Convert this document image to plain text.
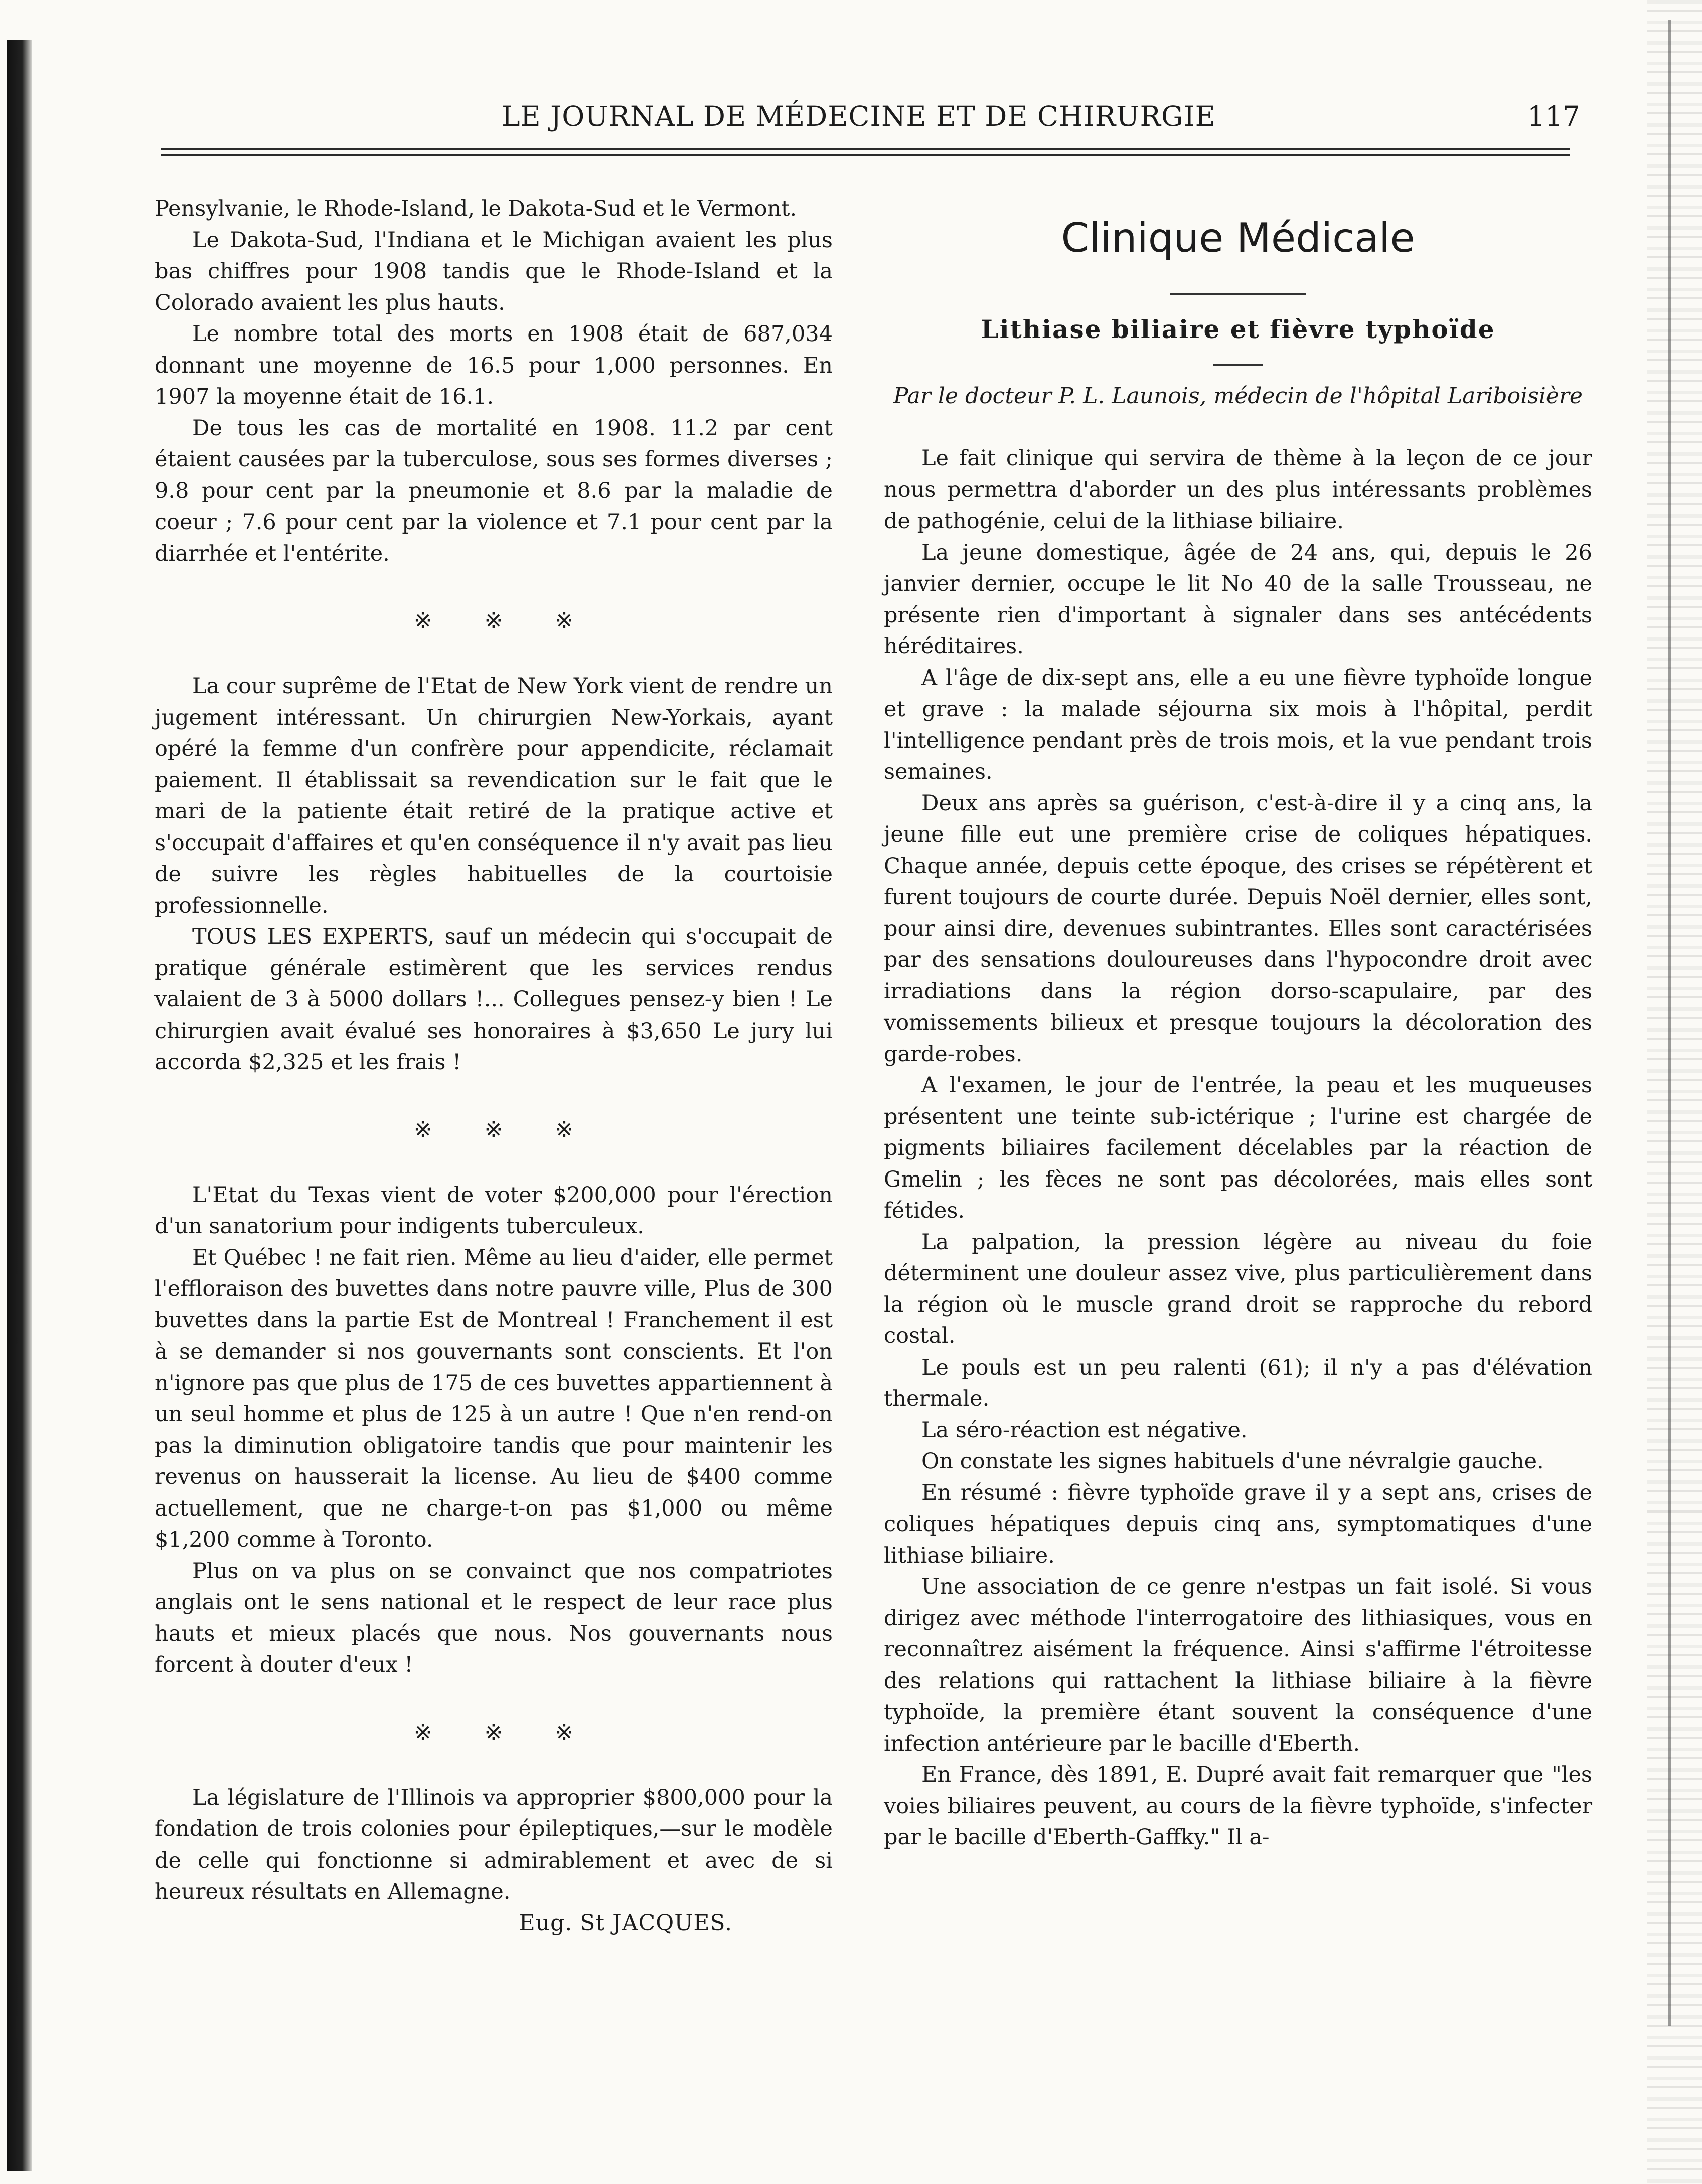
LE JOURNAL DE MÉDECINE ET DE CHIRURGIE	117

Pensylvanie, le Rhode-Island, le Dakota-Sud et le Vermont.

Le Dakota-Sud, l'Indiana et le Michigan avaient les plus bas chiffres pour 1908 tandis que le Rhode-Island et la Colorado avaient les plus hauts.

Le nombre total des morts en 1908 était de 687,034 donnant une moyenne de 16.5 pour 1,000 personnes. En 1907 la moyenne était de 16.1.

De tous les cas de mortalité en 1908. 11.2 par cent étaient causées par la tuberculose, sous ses formes diverses ; 9.8 pour cent par la pneumonie et 8.6 par la maladie de coeur ; 7.6 pour cent par la violence et 7.1 pour cent par la diarrhée et l'entérite.

※ ※ ※

La cour suprême de l'Etat de New York vient de rendre un jugement intéressant. Un chirurgien New-Yorkais, ayant opéré la femme d'un confrère pour appendicite, réclamait paiement. Il établissait sa revendication sur le fait que le mari de la patiente était retiré de la pratique active et s'occupait d'affaires et qu'en conséquence il n'y avait pas lieu de suivre les règles habituelles de la courtoisie professionnelle.

TOUS LES EXPERTS, sauf un médecin qui s'occupait de pratique générale estimèrent que les services rendus valaient de 3 à 5000 dollars !... Collegues pensez-y bien ! Le chirurgien avait évalué ses honoraires à $3,650 Le jury lui accorda $2,325 et les frais !

※ ※ ※

L'Etat du Texas vient de voter $200,000 pour l'érection d'un sanatorium pour indigents tuberculeux.

Et Québec ! ne fait rien. Même au lieu d'aider, elle permet l'effloraison des buvettes dans notre pauvre ville, Plus de 300 buvettes dans la partie Est de Montreal ! Franchement il est à se demander si nos gouvernants sont conscients. Et l'on n'ignore pas que plus de 175 de ces buvettes appartiennent à un seul homme et plus de 125 à un autre ! Que n'en rend-on pas la diminution obligatoire tandis que pour maintenir les revenus on hausserait la license. Au lieu de $400 comme actuellement, que ne charge-t-on pas $1,000 ou même $1,200 comme à Toronto.

Plus on va plus on se convainct que nos compatriotes anglais ont le sens national et le respect de leur race plus hauts et mieux placés que nous. Nos gouvernants nous forcent à douter d'eux !

※ ※ ※

La législature de l'Illinois va approprier $800,000 pour la fondation de trois colonies pour épileptiques,—sur le modèle de celle qui fonctionne si admirablement et avec de si heureux résultats en Allemagne.

Eug. St JACQUES.
Clinique Médicale
Lithiase biliaire et fièvre typhoïde
Par le docteur P. L. Launois, médecin de l'hôpital Lariboisière

Le fait clinique qui servira de thème à la leçon de ce jour nous permettra d'aborder un des plus intéressants problèmes de pathogénie, celui de la lithiase biliaire.

La jeune domestique, âgée de 24 ans, qui, depuis le 26 janvier dernier, occupe le lit No 40 de la salle Trousseau, ne présente rien d'important à signaler dans ses antécédents héréditaires.

A l'âge de dix-sept ans, elle a eu une fièvre typhoïde longue et grave : la malade séjourna six mois à l'hôpital, perdit l'intelligence pendant près de trois mois, et la vue pendant trois semaines.

Deux ans après sa guérison, c'est-à-dire il y a cinq ans, la jeune fille eut une première crise de coliques hépatiques. Chaque année, depuis cette époque, des crises se répétèrent et furent toujours de courte durée. Depuis Noël dernier, elles sont, pour ainsi dire, devenues subintrantes. Elles sont caractérisées par des sensations douloureuses dans l'hypocondre droit avec irradiations dans la région dorso-scapulaire, par des vomissements bilieux et presque toujours la décoloration des garde-robes.

A l'examen, le jour de l'entrée, la peau et les muqueuses présentent une teinte sub-ictérique ; l'urine est chargée de pigments biliaires facilement décelables par la réaction de Gmelin ; les fèces ne sont pas décolorées, mais elles sont fétides.

La palpation, la pression légère au niveau du foie déterminent une douleur assez vive, plus particulièrement dans la région où le muscle grand droit se rapproche du rebord costal.

Le pouls est un peu ralenti (61); il n'y a pas d'élévation thermale.

La séro-réaction est négative.

On constate les signes habituels d'une névralgie gauche.

En résumé : fièvre typhoïde grave il y a sept ans, crises de coliques hépatiques depuis cinq ans, symptomatiques d'une lithiase biliaire.

Une association de ce genre n'estpas un fait isolé. Si vous dirigez avec méthode l'interrogatoire des lithiasiques, vous en reconnaîtrez aisément la fréquence. Ainsi s'affirme l'étroitesse des relations qui rattachent la lithiase biliaire à la fièvre typhoïde, la première étant souvent la conséquence d'une infection antérieure par le bacille d'Eberth.

En France, dès 1891, E. Dupré avait fait remarquer que "les voies biliaires peuvent, au cours de la fièvre typhoïde, s'infecter par le bacille d'Eberth-Gaffky." Il a-
